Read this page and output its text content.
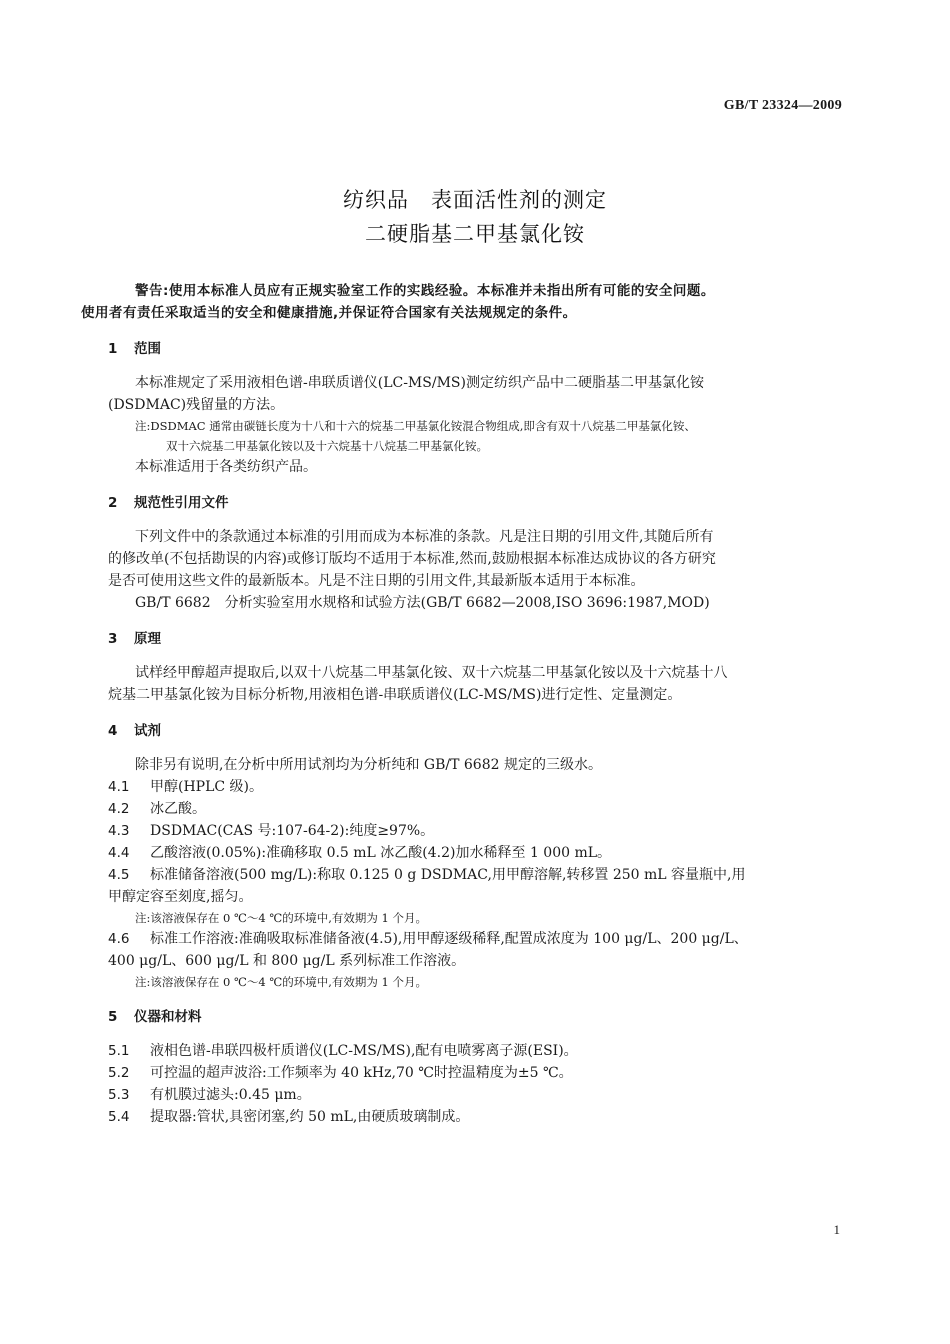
GB/T 23324—2009
纺织品　表面活性剂的测定
二硬脂基二甲基氯化铵
警告:使用本标准人员应有正规实验室工作的实践经验。本标准并未指出所有可能的安全问题。
使用者有责任采取适当的安全和健康措施,并保证符合国家有关法规规定的条件。
1 范围

本标准规定了采用液相色谱-串联质谱仪(LC-MS/MS)测定纺织产品中二硬脂基二甲基氯化铵

(DSDMAC)残留量的方法。

注:DSDMAC 通常由碳链长度为十八和十六的烷基二甲基氯化铵混合物组成,即含有双十八烷基二甲基氯化铵、

双十六烷基二甲基氯化铵以及十六烷基十八烷基二甲基氯化铵。

本标准适用于各类纺织产品。

2 规范性引用文件

下列文件中的条款通过本标准的引用而成为本标准的条款。凡是注日期的引用文件,其随后所有

的修改单(不包括勘误的内容)或修订版均不适用于本标准,然而,鼓励根据本标准达成协议的各方研究

是否可使用这些文件的最新版本。凡是不注日期的引用文件,其最新版本适用于本标准。

GB/T 6682　分析实验室用水规格和试验方法(GB/T 6682—2008,ISO 3696:1987,MOD)

3 原理

试样经甲醇超声提取后,以双十八烷基二甲基氯化铵、双十六烷基二甲基氯化铵以及十六烷基十八

烷基二甲基氯化铵为目标分析物,用液相色谱-串联质谱仪(LC-MS/MS)进行定性、定量测定。

4 试剂

除非另有说明,在分析中所用试剂均为分析纯和 GB/T 6682 规定的三级水。

4.1 甲醇(HPLC 级)。

4.2 冰乙酸。

4.3 DSDMAC(CAS 号:107-64-2):纯度≥97%。

4.4 乙酸溶液(0.05%):准确移取 0.5 mL 冰乙酸(4.2)加水稀释至 1 000 mL。

4.5 标准储备溶液(500 mg/L):称取 0.125 0 g DSDMAC,用甲醇溶解,转移置 250 mL 容量瓶中,用

甲醇定容至刻度,摇匀。

注:该溶液保存在 0 ℃～4 ℃的环境中,有效期为 1 个月。

4.6 标准工作溶液:准确吸取标准储备液(4.5),用甲醇逐级稀释,配置成浓度为 100 μg/L、200 μg/L、

400 μg/L、600 μg/L 和 800 μg/L 系列标准工作溶液。

注:该溶液保存在 0 ℃～4 ℃的环境中,有效期为 1 个月。

5 仪器和材料

5.1 液相色谱-串联四极杆质谱仪(LC-MS/MS),配有电喷雾离子源(ESI)。

5.2 可控温的超声波浴:工作频率为 40 kHz,70 ℃时控温精度为±5 ℃。

5.3 有机膜过滤头:0.45 μm。

5.4 提取器:管状,具密闭塞,约 50 mL,由硬质玻璃制成。

1
